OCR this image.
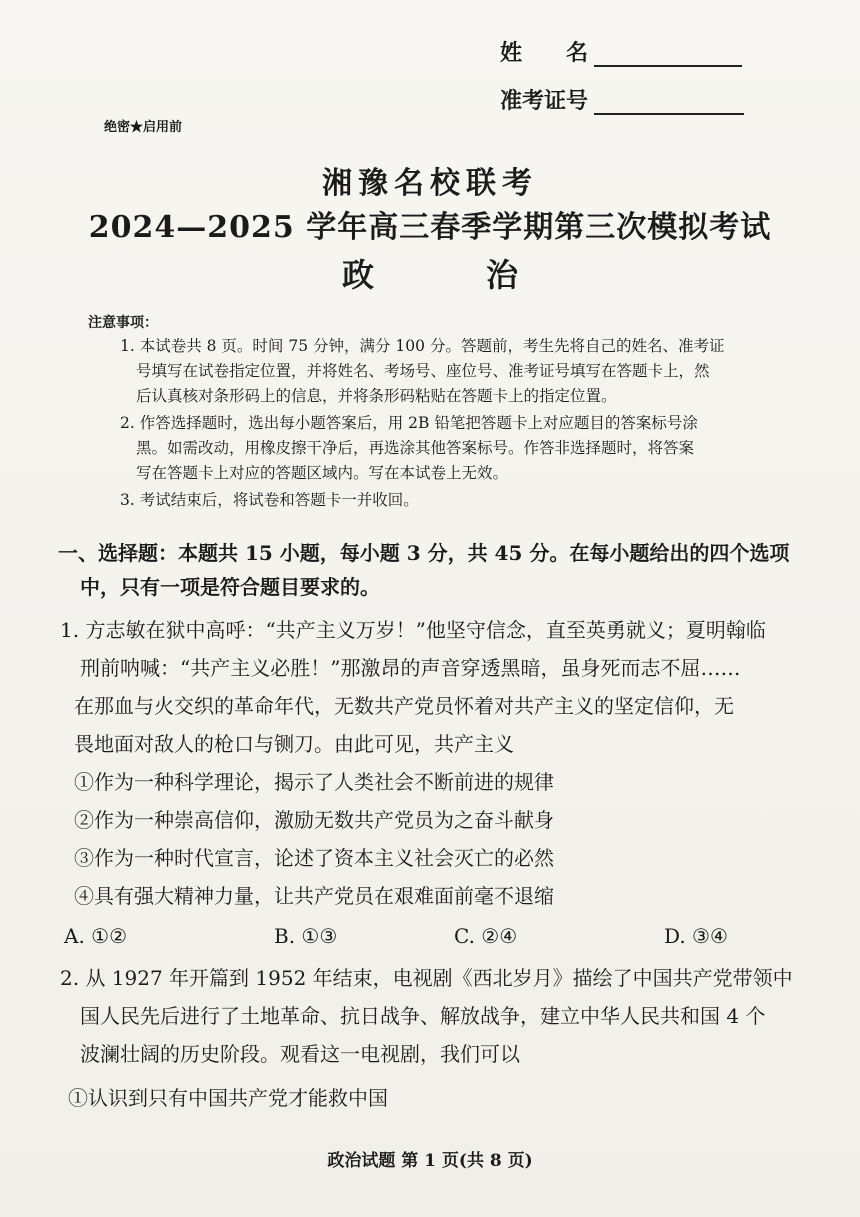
姓　　名
准考证号
绝密★启用前
湘豫名校联考
2024—2025 学年高三春季学期第三次模拟考试
政　治
注意事项：
1. 本试卷共 8 页。时间 75 分钟，满分 100 分。答题前，考生先将自己的姓名、准考证
号填写在试卷指定位置，并将姓名、考场号、座位号、准考证号填写在答题卡上，然
后认真核对条形码上的信息，并将条形码粘贴在答题卡上的指定位置。
2. 作答选择题时，选出每小题答案后，用 2B 铅笔把答题卡上对应题目的答案标号涂
黑。如需改动，用橡皮擦干净后，再选涂其他答案标号。作答非选择题时，将答案
写在答题卡上对应的答题区域内。写在本试卷上无效。
3. 考试结束后，将试卷和答题卡一并收回。
一、选择题：本题共 15 小题，每小题 3 分，共 45 分。在每小题给出的四个选项
中，只有一项是符合题目要求的。
1. 方志敏在狱中高呼：“共产主义万岁！”他坚守信念，直至英勇就义；夏明翰临
刑前呐喊：“共产主义必胜！”那激昂的声音穿透黑暗，虽身死而志不屈……
在那血与火交织的革命年代，无数共产党员怀着对共产主义的坚定信仰，无
畏地面对敌人的枪口与铡刀。由此可见，共产主义
①作为一种科学理论，揭示了人类社会不断前进的规律
②作为一种崇高信仰，激励无数共产党员为之奋斗献身
③作为一种时代宣言，论述了资本主义社会灭亡的必然
④具有强大精神力量，让共产党员在艰难面前毫不退缩
A. ①②	B. ①③	C. ②④	D. ③④
2. 从 1927 年开篇到 1952 年结束，电视剧《西北岁月》描绘了中国共产党带领中
国人民先后进行了土地革命、抗日战争、解放战争，建立中华人民共和国 4 个
波澜壮阔的历史阶段。观看这一电视剧，我们可以
①认识到只有中国共产党才能救中国
政治试题 第 1 页(共 8 页)
